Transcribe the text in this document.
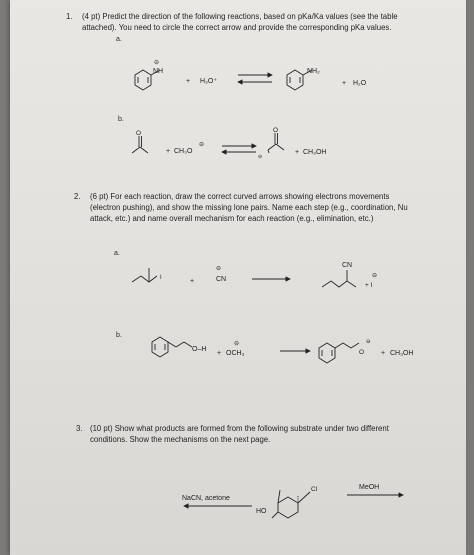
1. (4 pt) Predict the direction of the following reactions, based on pKa/Ka values (see the table
attached). You need to circle the correct arrow and provide the corresponding pKa values.
a.
b.
2. (6 pt) For each reaction, draw the correct curved arrows showing electrons movements
(electron pushing), and show the missing lone pairs. Name each step (e.g., coordination, Nu
attack, etc.) and name overall mechanism for each reaction (e.g., elimination, etc.)
a.
b.
3. (10 pt) Show what products are formed from the following substrate under two different
conditions. Show the mechanisms on the next page.
NH
⊖
+ H₃O⁺
NH₂
+ H₂O
O
+ CH₃O
⊖
⊖
O
+ CH₃OH
I	+
⊖
CN
CN
+ I
⊖
O–H
+
⊖
OCH₃	O
⊖
+ CH₃OH
NaCN, acetone
MeOH
Cl
HO
